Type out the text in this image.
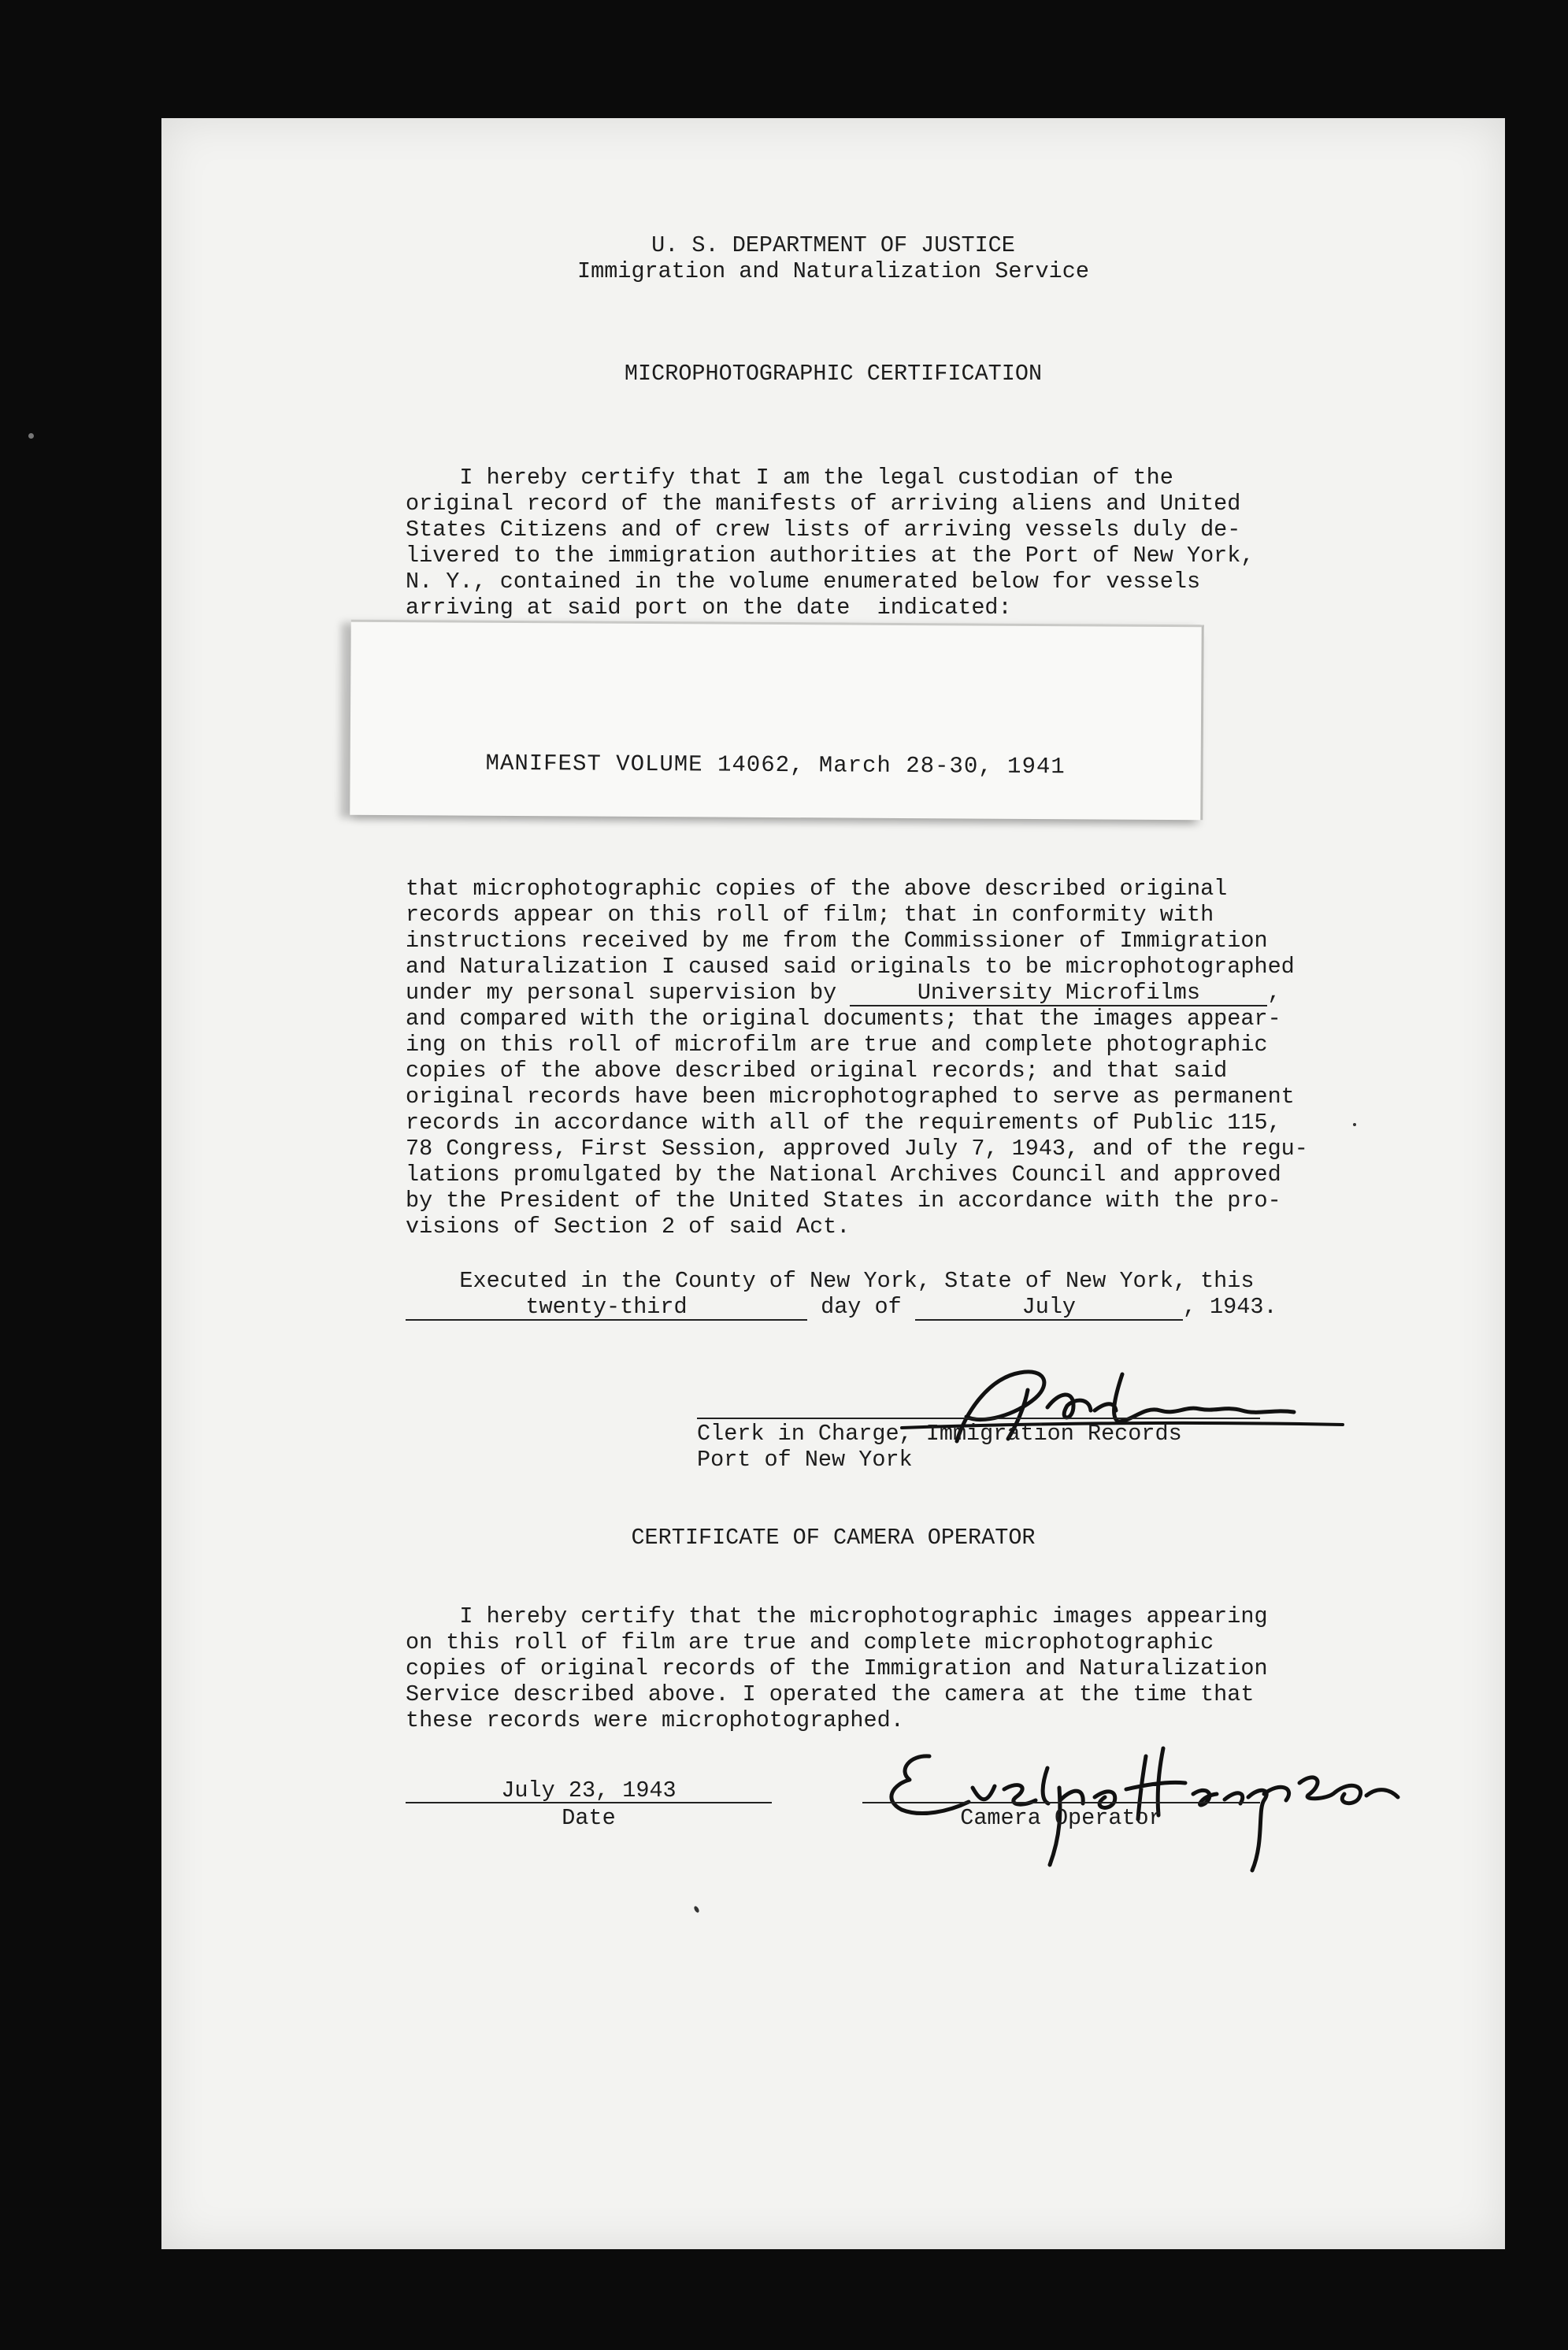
U. S. DEPARTMENT OF JUSTICE
Immigration and Naturalization Service
MICROPHOTOGRAPHIC CERTIFICATION
I hereby certify that I am the legal custodian of the
original record of the manifests of arriving aliens and United
States Citizens and of crew lists of arriving vessels duly de-
livered to the immigration authorities at the Port of New York,
N. Y., contained in the volume enumerated below for vessels
arriving at said port on the date  indicated:
MANIFEST VOLUME 14062, March 28-30, 1941
that microphotographic copies of the above described original
records appear on this roll of film; that in conformity with
instructions received by me from the Commissioner of Immigration
and Naturalization I caused said originals to be microphotographed
under my personal supervision by	University Microfilms	,
and compared with the original documents; that the images appear-
ing on this roll of microfilm are true and complete photographic
copies of the above described original records; and that said
original records have been microphotographed to serve as permanent
records in accordance with all of the requirements of Public 115,
78 Congress, First Session, approved July 7, 1943, and of the regu-
lations promulgated by the National Archives Council and approved
by the President of the United States in accordance with the pro-
visions of Section 2 of said Act.
Executed in the County of New York, State of New York, this
twenty-third	day of	July	, 1943.
Clerk in Charge, Immigration Records
Port of New York
CERTIFICATE OF CAMERA OPERATOR
I hereby certify that the microphotographic images appearing
on this roll of film are true and complete microphotographic
copies of original records of the Immigration and Naturalization
Service described above. I operated the camera at the time that
these records were microphotographed.
July 23, 1943
Date	Camera Operator
